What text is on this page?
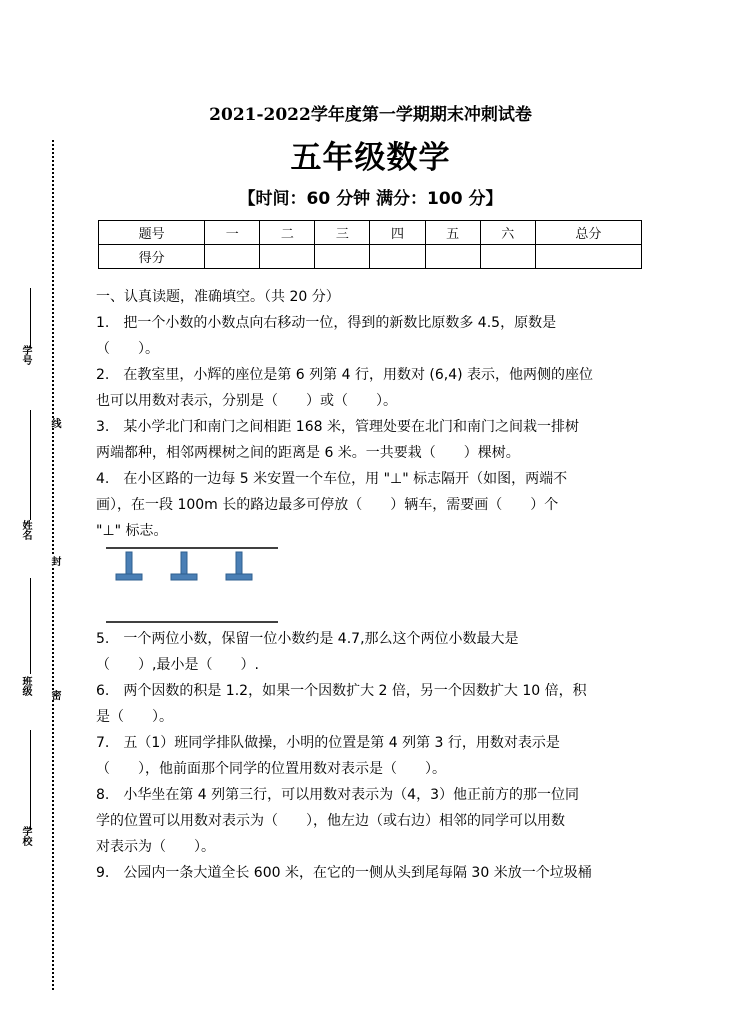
学号
姓名
班级
学校
线
封
密
2021-2022学年度第一学期期末冲刺试卷
五年级数学
【时间：60 分钟 满分：100 分】
题号	一	二	三	四	五	六	总分
得分							

一、认真读题，准确填空。（共 20 分）

1.　把一个小数的小数点向右移动一位，得到的新数比原数多 4.5，原数是

（　　）。

2.　在教室里，小辉的座位是第 6 列第 4 行，用数对 (6,4) 表示，他两侧的座位

也可以用数对表示，分别是（　　）或（　　）。

3.　某小学北门和南门之间相距 168 米，管理处要在北门和南门之间栽一排树

两端都种，相邻两棵树之间的距离是 6 米。一共要栽（　　）棵树。

4.　在小区路的一边每 5 米安置一个车位，用 "⊥" 标志隔开（如图，两端不

画），在一段 100m 长的路边最多可停放（　　）辆车，需要画（　　）个

"⊥" 标志。

5.　一个两位小数，保留一位小数约是 4.7,那么这个两位小数最大是

（　　）,最小是（　　）.

6.　两个因数的积是 1.2，如果一个因数扩大 2 倍，另一个因数扩大 10 倍，积

是（　　）。

7.　五（1）班同学排队做操，小明的位置是第 4 列第 3 行，用数对表示是

（　　），他前面那个同学的位置用数对表示是（　　）。

8.　小华坐在第 4 列第三行，可以用数对表示为（4，3）他正前方的那一位同

学的位置可以用数对表示为（　　），他左边（或右边）相邻的同学可以用数

对表示为（　　）。

9.　公园内一条大道全长 600 米，在它的一侧从头到尾每隔 30 米放一个垃圾桶
